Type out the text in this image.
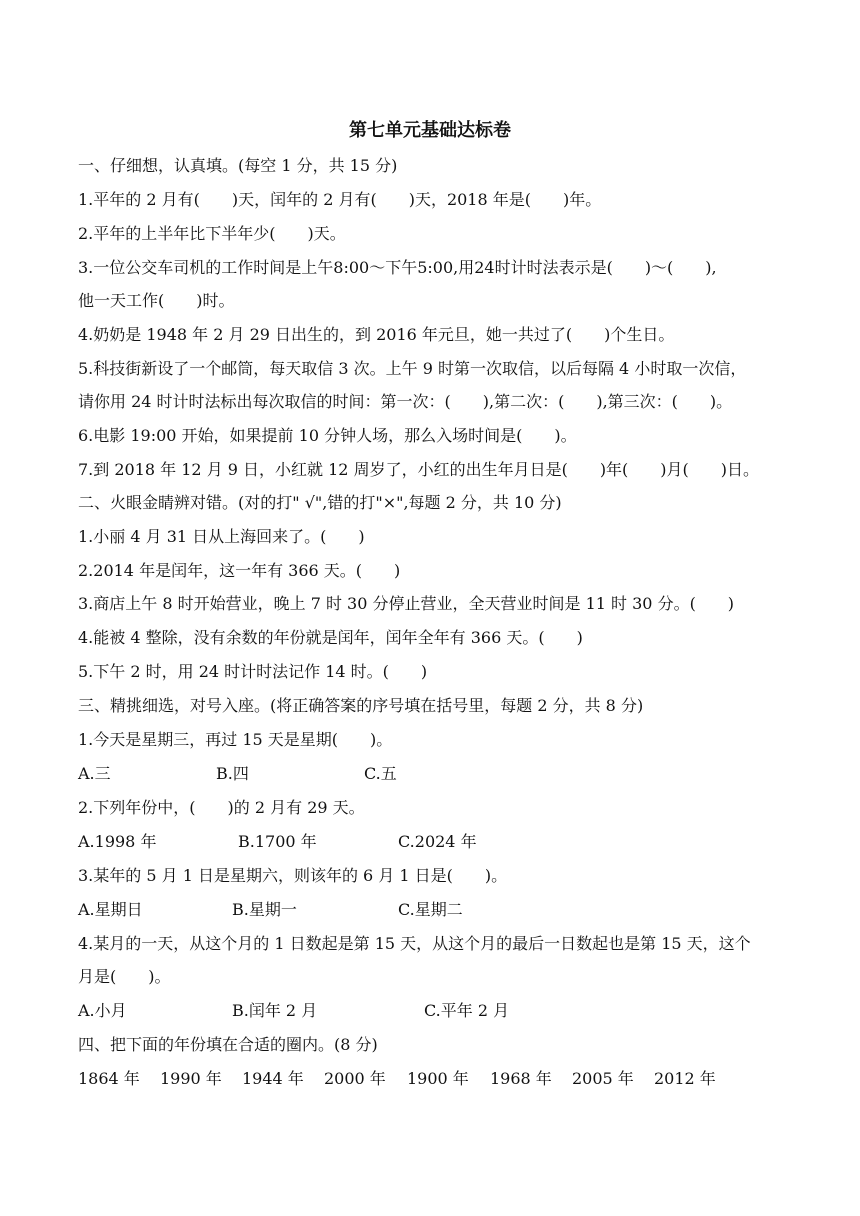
第七单元基础达标卷
一、仔细想，认真填。(每空 1 分，共 15 分)
1.平年的 2 月有(　　)天，闰年的 2 月有(　　)天，2018 年是(　　)年。
2.平年的上半年比下半年少(　　)天。
3.一位公交车司机的工作时间是上午8:00～下午5:00,用24时计时法表示是(　　)～(　　),
他一天工作(　　)时。
4.奶奶是 1948 年 2 月 29 日出生的，到 2016 年元旦，她一共过了(　　)个生日。
5.科技街新设了一个邮筒，每天取信 3 次。上午 9 时第一次取信，以后每隔 4 小时取一次信，
请你用 24 时计时法标出每次取信的时间：第一次：(　　),第二次：(　　),第三次：(　　)。
6.电影 19:00 开始，如果提前 10 分钟人场，那么入场时间是(　　)。
7.到 2018 年 12 月 9 日，小红就 12 周岁了，小红的出生年月日是(　　)年(　　)月(　　)日。
二、火眼金睛辨对错。(对的打" √",错的打"×",每题 2 分，共 10 分)
1.小丽 4 月 31 日从上海回来了。(　　)
2.2014 年是闰年，这一年有 366 天。(　　)
3.商店上午 8 时开始营业，晚上 7 时 30 分停止营业，全天营业时间是 11 时 30 分。(　　)
4.能被 4 整除，没有余数的年份就是闰年，闰年全年有 366 天。(　　)
5.下午 2 时，用 24 时计时法记作 14 时。(　　)
三、精挑细选，对号入座。(将正确答案的序号填在括号里，每题 2 分，共 8 分)
1.今天是星期三，再过 15 天是星期(　　)。
A.三	B.四	C.五
2.下列年份中，(　　)的 2 月有 29 天。
A.1998 年	B.1700 年	C.2024 年
3.某年的 5 月 1 日是星期六，则该年的 6 月 1 日是(　　)。
A.星期日	B.星期一	C.星期二
4.某月的一天，从这个月的 1 日数起是第 15 天，从这个月的最后一日数起也是第 15 天，这个
月是(　　)。
A.小月	B.闰年 2 月	C.平年 2 月
四、把下面的年份填在合适的圈内。(8 分)
1864 年 1990 年 1944 年 2000 年 1900 年 1968 年 2005 年 2012 年
